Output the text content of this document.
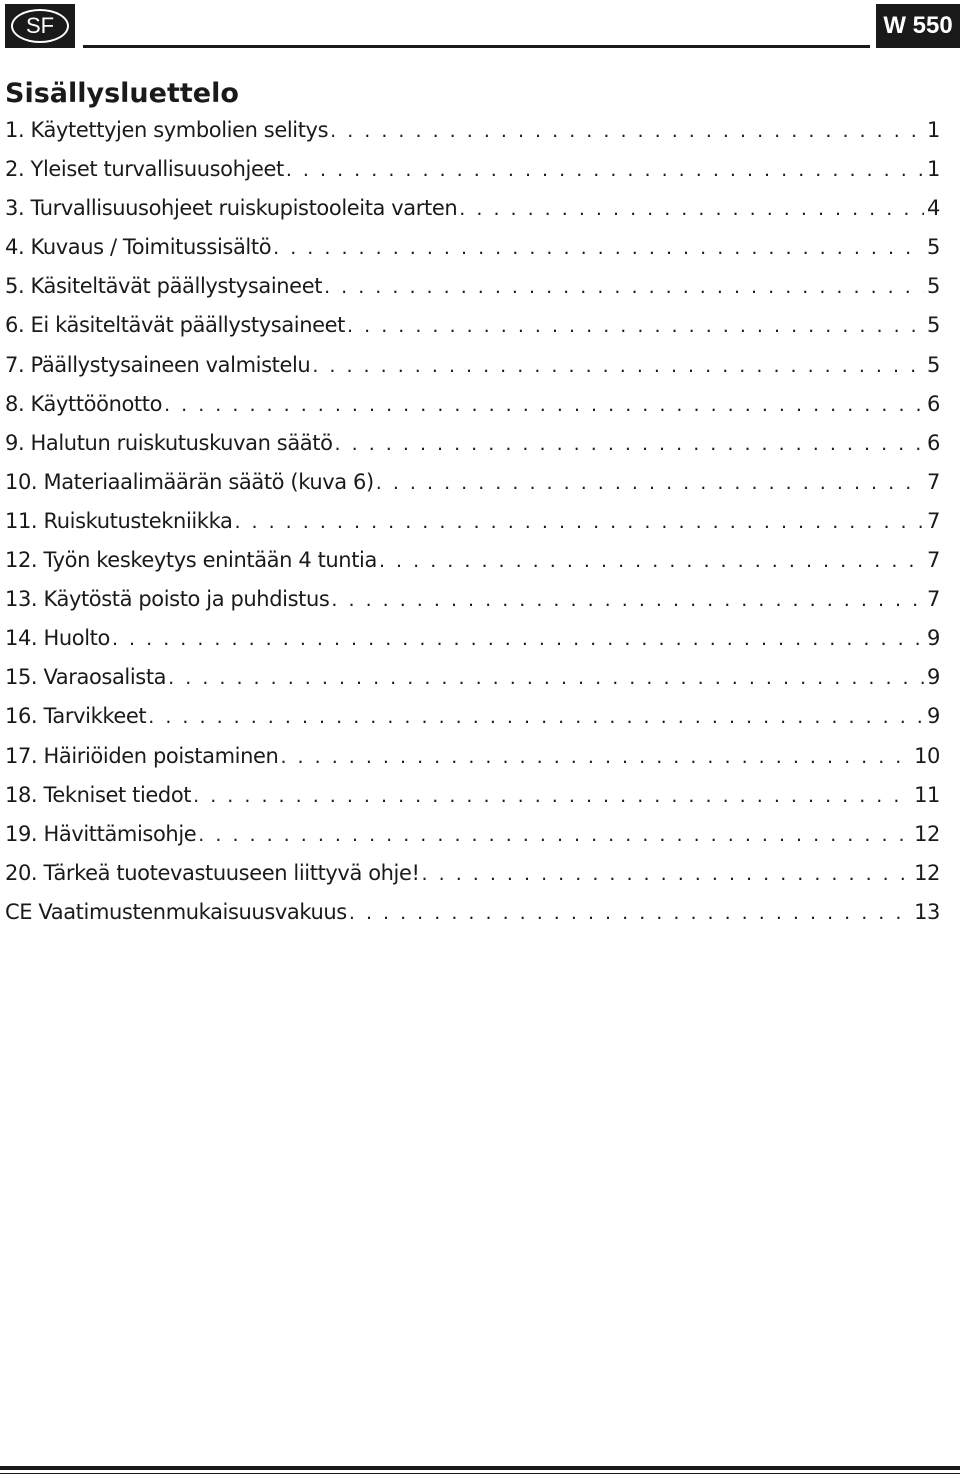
SF	W 550
Sisällysluettelo
1. Käytettyjen symbolien selitys . . .	1
2. Yleiset turvallisuusohjeet . . .	1
3. Turvallisuusohjeet ruiskupistooleita varten . . .	4
4. Kuvaus / Toimitussisältö . . .	5
5. Käsiteltävät päällystysaineet . . .	5
6. Ei käsiteltävät päällystysaineet . . .	5
7. Päällystysaineen valmistelu . . .	5
8. Käyttöönotto . . .	6
9. Halutun ruiskutuskuvan säätö . . .	6
10. Materiaalimäärän säätö (kuva 6) . . .	7
11. Ruiskutustekniikka . . .	7
12. Työn keskeytys enintään 4 tuntia . . .	7
13. Käytöstä poisto ja puhdistus . . .	7
14. Huolto . . .	9
15. Varaosalista . . .	9
16. Tarvikkeet . . .	9
17. Häiriöiden poistaminen . . .	10
18. Tekniset tiedot . . .	11
19. Hävittämisohje . . .	12
20. Tärkeä tuotevastuuseen liittyvä ohje! . . .	12
CE Vaatimustenmukaisuusvakuus . . .	13
